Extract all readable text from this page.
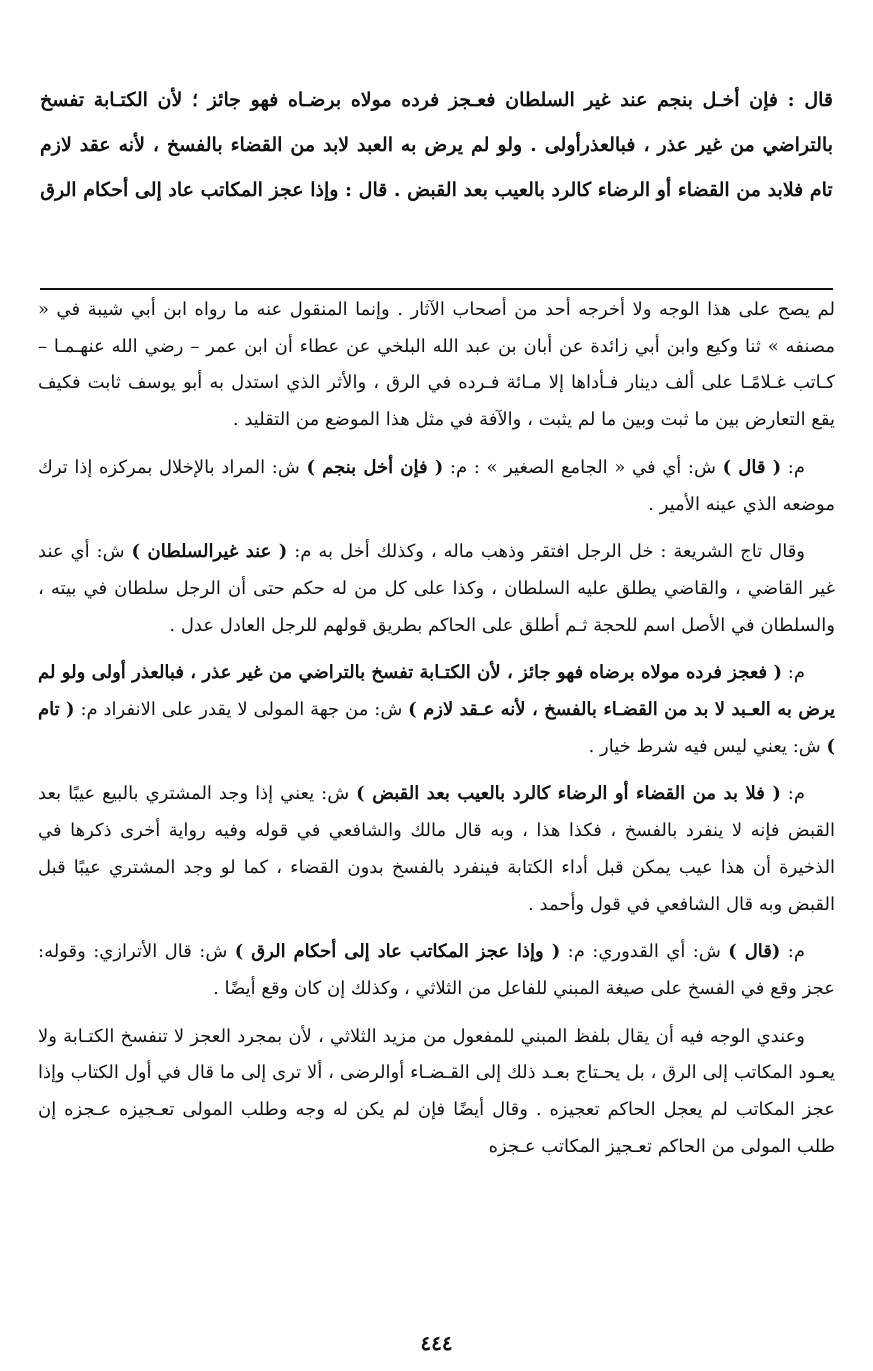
قال : فإن أخـل بنجم عند غير السلطان فعـجز فرده مولاه برضـاه فهو جائز ؛ لأن الكتـابة تفسخ بالتراضي من غير عذر ، فبالعذرأولى . ولو لم يرض به العبد لابد من القضاء بالفسخ ، لأنه عقد لازم تام فلابد من القضاء أو الرضاء كالرد بالعيب بعد القبض . قال : وإذا عجز المكاتب عاد إلى أحكام الرق

لم يصح على هذا الوجه ولا أخرجه أحد من أصحاب الآثار . وإنما المنقول عنه ما رواه ابن أبي شيبة في « مصنفه » ثنا وكيع وابن أبي زائدة عن أبان بن عبد الله البلخي عن عطاء أن ابن عمر – رضي الله عنهـمـا – كـاتب غـلامًـا على ألف دينار فـأداها إلا مـائة فـرده في الرق ، والأثر الذي استدل به أبو يوسف ثابت فكيف يقع التعارض بين ما ثبت وبين ما لم يثبت ، والآفة في مثل هذا الموضع من التقليد .

م: ( قال ) ش: أي في « الجامع الصغير » : م: ( فإن أخل بنجم ) ش: المراد بالإخلال بمركزه إذا ترك موضعه الذي عينه الأمير .

وقال تاج الشريعة : خل الرجل افتقر وذهب ماله ، وكذلك أخل به م: ( عند غيرالسلطان ) ش: أي عند غير القاضي ، والقاضي يطلق عليه السلطان ، وكذا على كل من له حكم حتى أن الرجل سلطان في بيته ، والسلطان في الأصل اسم للحجة ثـم أطلق على الحاكم بطريق قولهم للرجل العادل عدل .

م: ( فعجز فرده مولاه برضاه فهو جائز ، لأن الكتـابة تفسخ بالتراضي من غير عذر ، فبالعذر أولى ولو لم يرض به العـبد لا بد من القضـاء بالفسخ ، لأنه عـقد لازم ) ش: من جهة المولى لا يقدر على الانفراد م: ( تام ) ش: يعني ليس فيه شرط خيار .

م: ( فلا بد من القضاء أو الرضاء كالرد بالعيب بعد القبض ) ش: يعني إذا وجد المشتري بالبيع عيبًا بعد القبض فإنه لا ينفرد بالفسخ ، فكذا هذا ، وبه قال مالك والشافعي في قوله وفيه رواية أخرى ذكرها في الذخيرة أن هذا عيب يمكن قبل أداء الكتابة فينفرد بالفسخ بدون القضاء ، كما لو وجد المشتري عيبًا قبل القبض وبه قال الشافعي في قول وأحمد .

م: (قال ) ش: أي القدوري: م: ( وإذا عجز المكاتب عاد إلى أحكام الرق ) ش: قال الأترازي: وقوله: عجز وقع في الفسخ على صيغة المبني للفاعل من الثلاثي ، وكذلك إن كان وقع أيضًا .

وعندي الوجه فيه أن يقال بلفظ المبني للمفعول من مزيد الثلاثي ، لأن بمجرد العجز لا تنفسخ الكتـابة ولا يعـود المكاتب إلى الرق ، بل يحـتاج بعـد ذلك إلى القـضـاء أوالرضى ، ألا ترى إلى ما قال في أول الكتاب وإذا عجز المكاتب لم يعجل الحاكم تعجيزه . وقال أيضًا فإن لم يكن له وجه وطلب المولى تعـجيزه عـجزه إن طلب المولى من الحاكم تعـجيز المكاتب عـجزه

٤٤٤
